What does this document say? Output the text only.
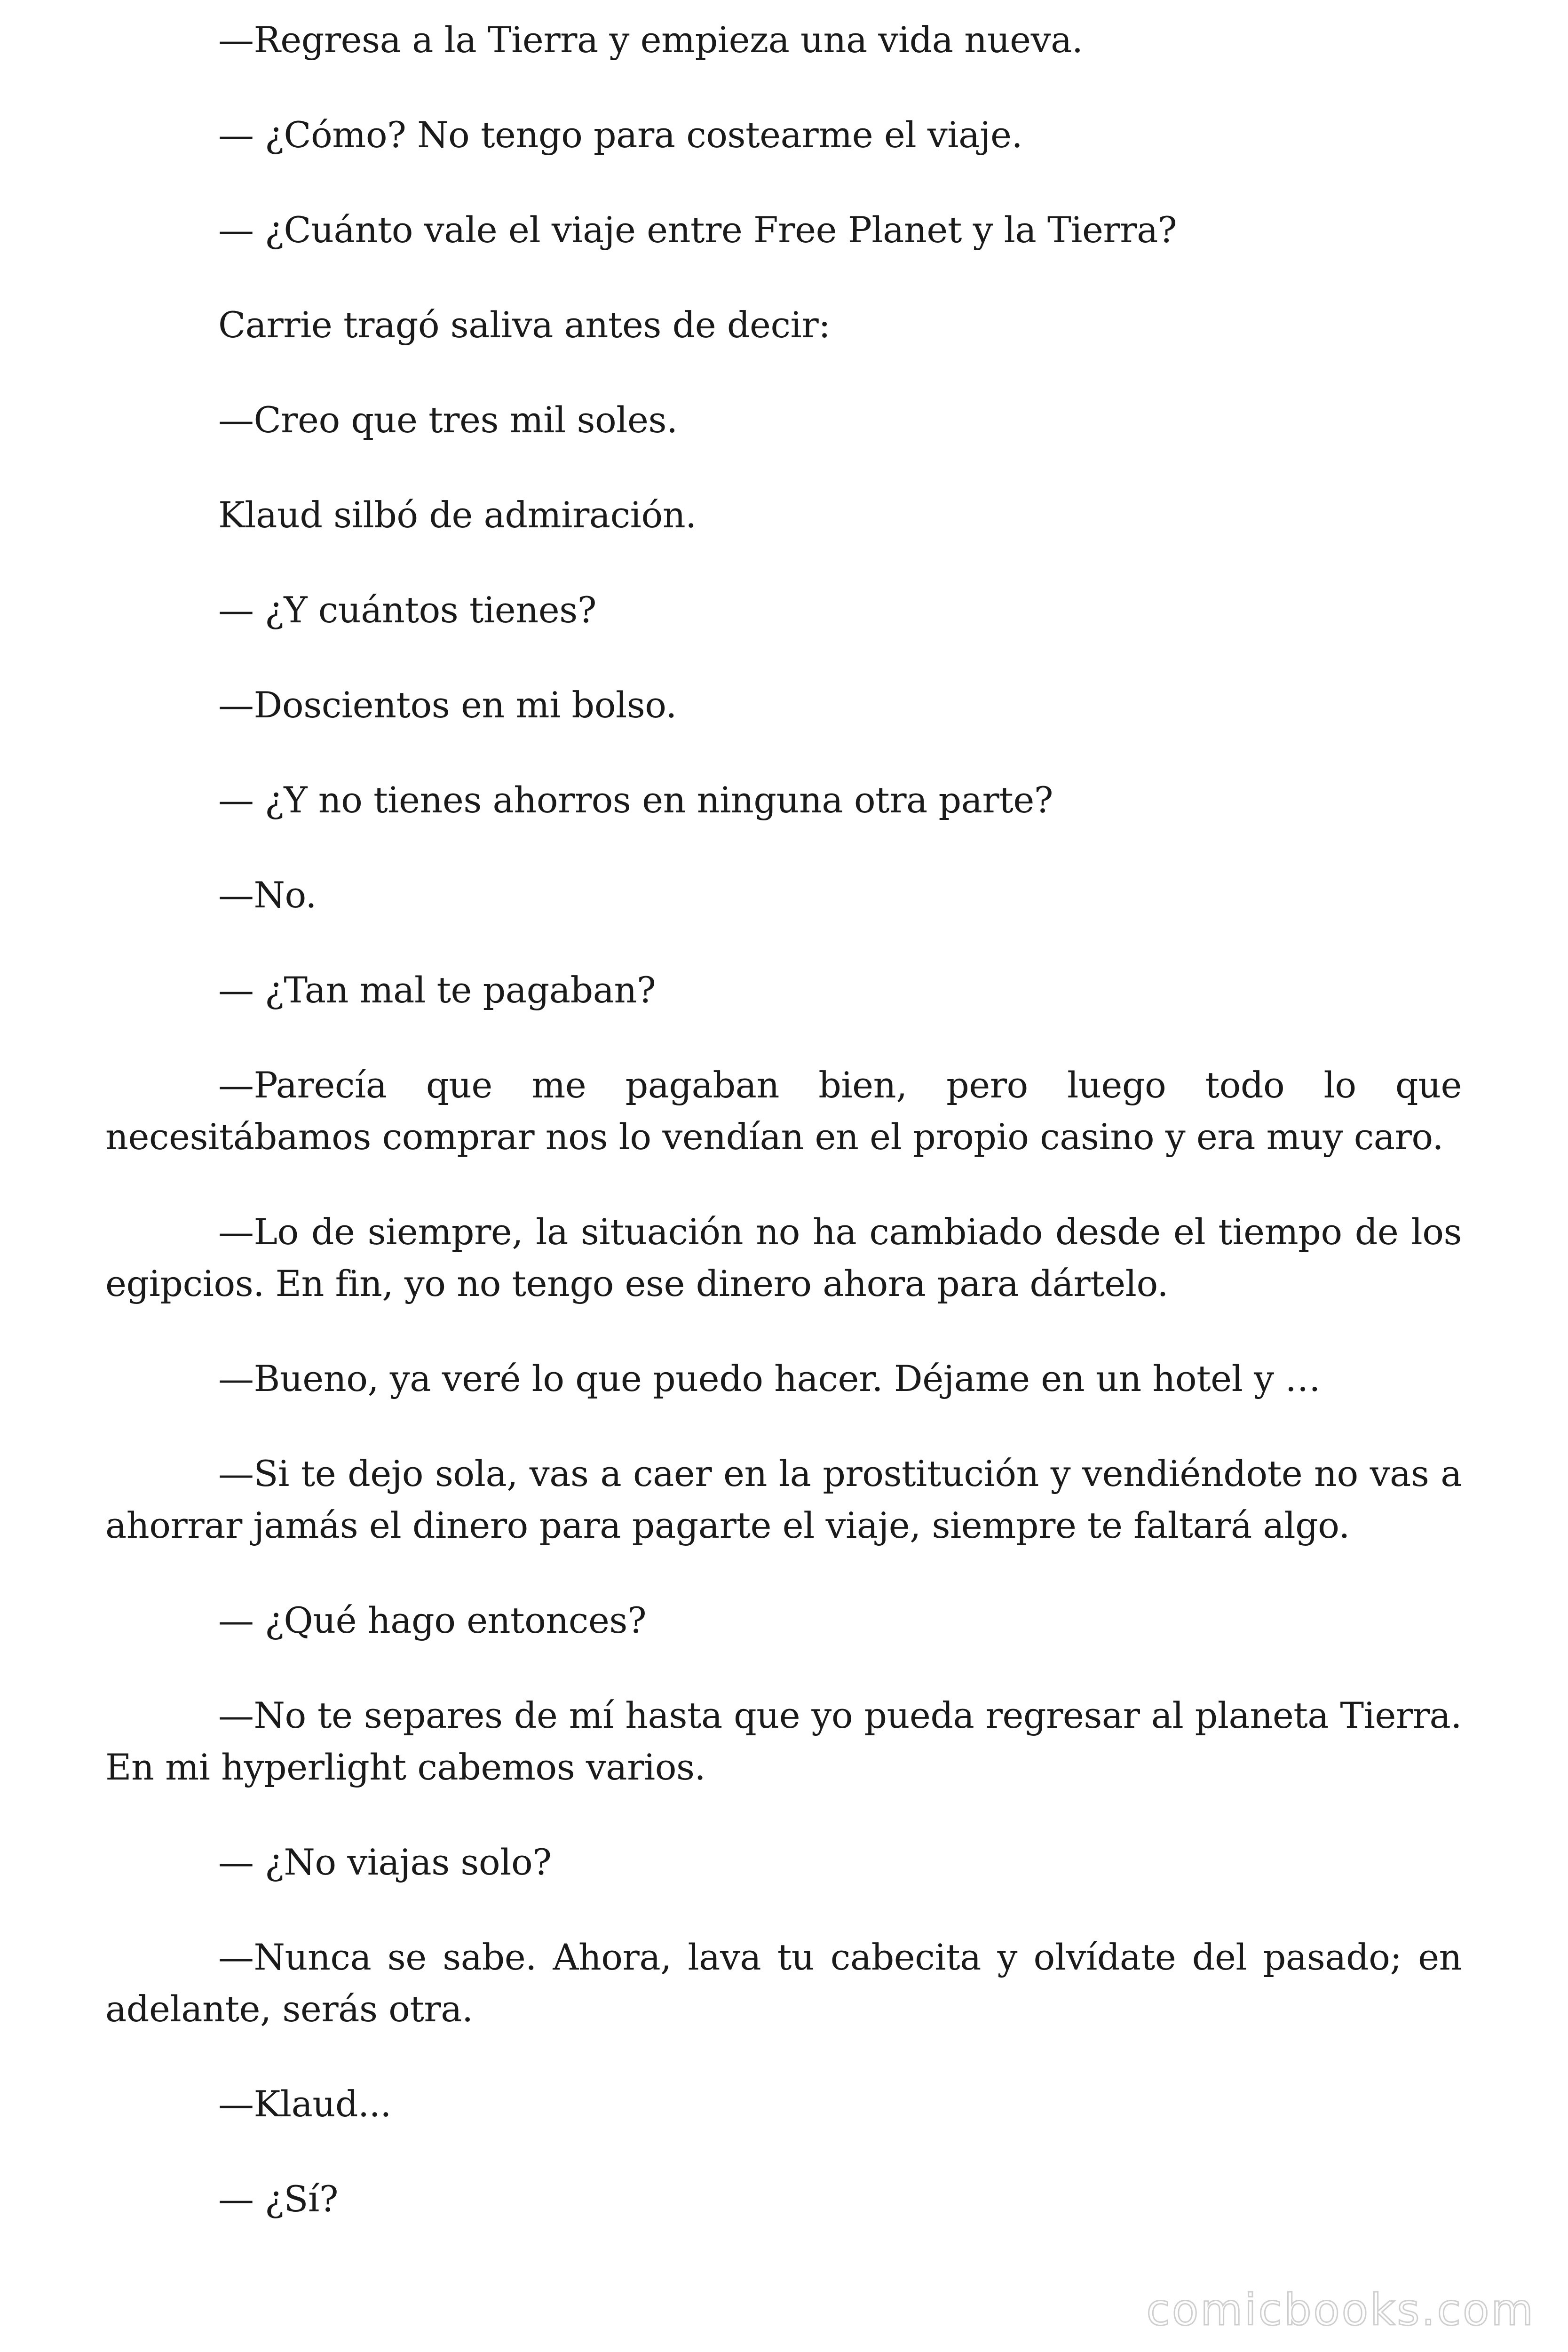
—Regresa a la Tierra y empieza una vida nueva.

— ¿Cómo? No tengo para costearme el viaje.

— ¿Cuánto vale el viaje entre Free Planet y la Tierra?

Carrie tragó saliva antes de decir:

—Creo que tres mil soles.

Klaud silbó de admiración.

— ¿Y cuántos tienes?

—Doscientos en mi bolso.

— ¿Y no tienes ahorros en ninguna otra parte?

—No.

— ¿Tan mal te pagaban?

—Parecía que me pagaban bien, pero luego todo lo que necesitábamos comprar nos lo vendían en el propio casino y era muy caro.

—Lo de siempre, la situación no ha cambiado desde el tiempo de los egipcios. En fin, yo no tengo ese dinero ahora para dártelo.

—Bueno, ya veré lo que puedo hacer. Déjame en un hotel y …

—Si te dejo sola, vas a caer en la prostitución y vendiéndote no vas a ahorrar jamás el dinero para pagarte el viaje, siempre te faltará algo.

— ¿Qué hago entonces?

—No te separes de mí hasta que yo pueda regresar al planeta Tierra. En mi hyperlight cabemos varios.

— ¿No viajas solo?

—Nunca se sabe. Ahora, lava tu cabecita y olvídate del pasado; en adelante, serás otra.

—Klaud...

— ¿Sí?

comicbooks.com
